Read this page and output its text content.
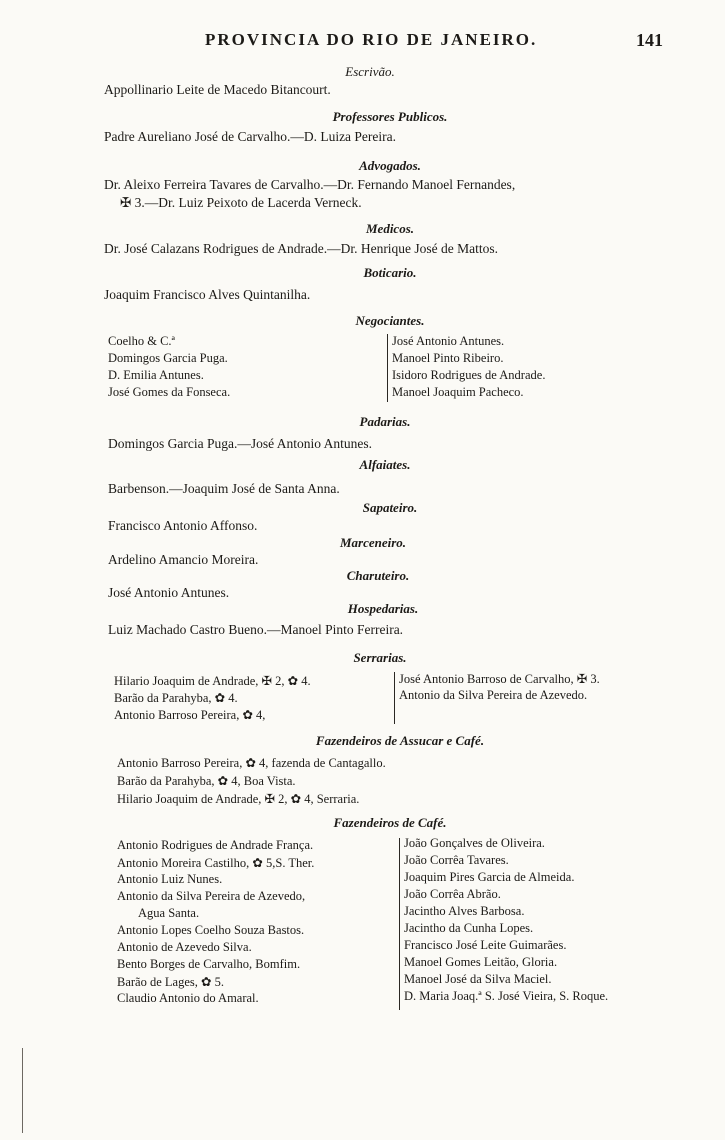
PROVINCIA DO RIO DE JANEIRO.	141
Escrivão.
Appollinario Leite de Macedo Bitancourt.
Professores Publicos.
Padre Aureliano José de Carvalho.—D. Luiza Pereira.
Advogados.
Dr. Aleixo Ferreira Tavares de Carvalho.—Dr. Fernando Manoel Fernandes,
✠ 3.—Dr. Luiz Peixoto de Lacerda Verneck.
Medicos.
Dr. José Calazans Rodrigues de Andrade.—Dr. Henrique José de Mattos.
Boticario.
Joaquim Francisco Alves Quintanilha.
Negociantes.
Coelho & C.ª
Domingos Garcia Puga.
D. Emilia Antunes.
José Gomes da Fonseca.
José Antonio Antunes.
Manoel Pinto Ribeiro.
Isidoro Rodrigues de Andrade.
Manoel Joaquim Pacheco.
Padarias.
Domingos Garcia Puga.—José Antonio Antunes.
Alfaiates.
Barbenson.—Joaquim José de Santa Anna.
Sapateiro.
Francisco Antonio Affonso.
Marceneiro.
Ardelino Amancio Moreira.
Charuteiro.
José Antonio Antunes.
Hospedarias.
Luiz Machado Castro Bueno.—Manoel Pinto Ferreira.
Serrarias.
Hilario Joaquim de Andrade, ✠ 2, ✿ 4.
Barão da Parahyba, ✿ 4.
Antonio Barroso Pereira, ✿ 4,
José Antonio Barroso de Carvalho, ✠ 3.
Antonio da Silva Pereira de Azevedo.
Fazendeiros de Assucar e Café.
Antonio Barroso Pereira, ✿ 4, fazenda de Cantagallo.
Barão da Parahyba, ✿ 4, Boa Vista.
Hilario Joaquim de Andrade, ✠ 2, ✿ 4, Serraria.
Fazendeiros de Café.
Antonio Rodrigues de Andrade França.
Antonio Moreira Castilho, ✿ 5,S. Ther.
Antonio Luiz Nunes.
Antonio da Silva Pereira de Azevedo,
Agua Santa.
Antonio Lopes Coelho Souza Bastos.
Antonio de Azevedo Silva.
Bento Borges de Carvalho, Bomfim.
Barão de Lages, ✿ 5.
Claudio Antonio do Amaral.
João Gonçalves de Oliveira.
João Corrêa Tavares.
Joaquim Pires Garcia de Almeida.
João Corrêa Abrão.
Jacintho Alves Barbosa.
Jacintho da Cunha Lopes.
Francisco José Leite Guimarães.
Manoel Gomes Leitão, Gloria.
Manoel José da Silva Maciel.
D. Maria Joaq.ª S. José Vieira, S. Roque.
